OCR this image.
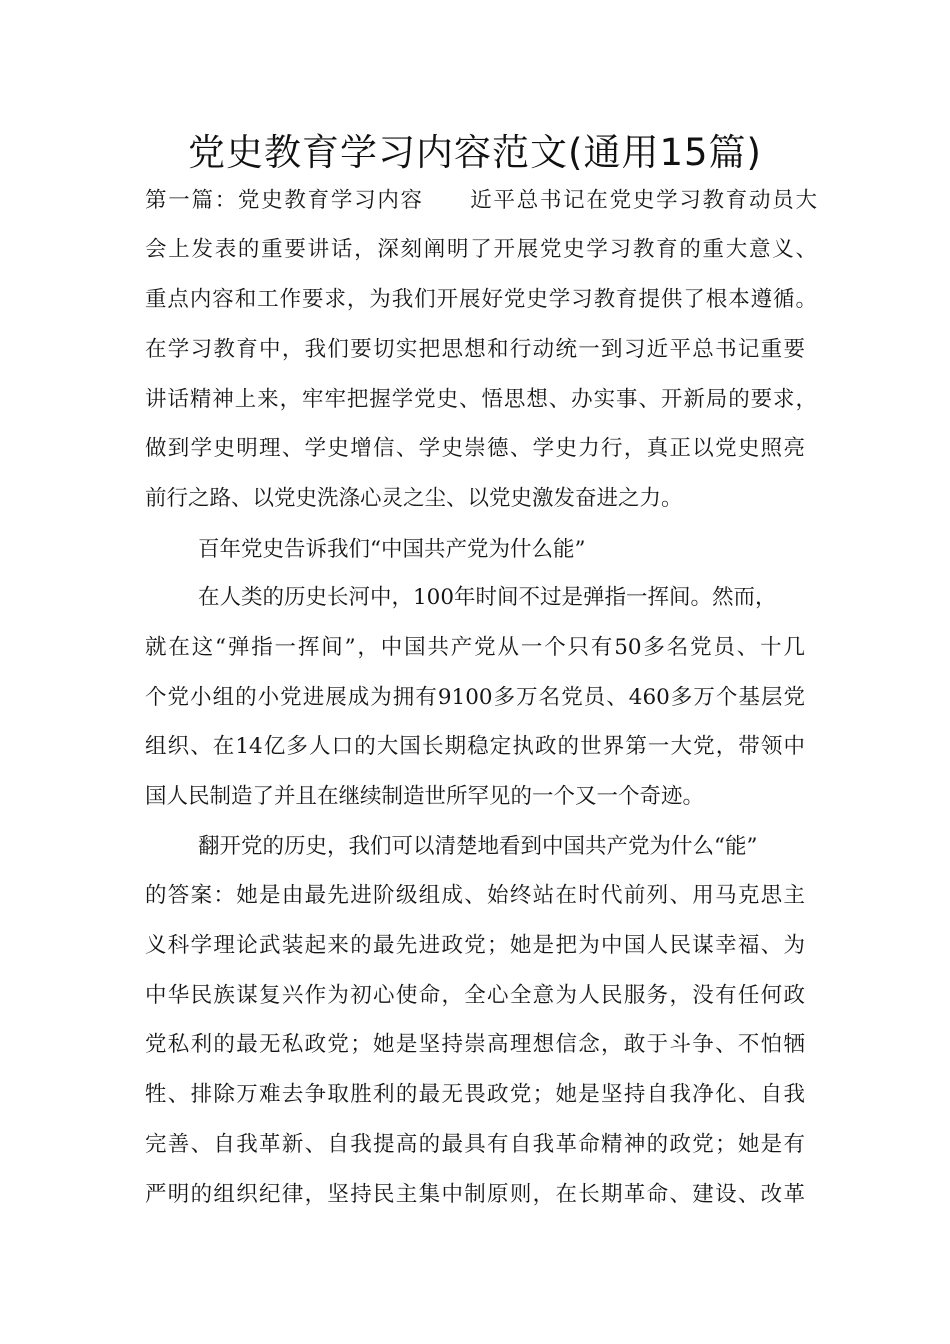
党史教育学习内容范文(通用15篇)
第一篇：党史教育学习内容　　近平总书记在党史学习教育动员大
会上发表的重要讲话，深刻阐明了开展党史学习教育的重大意义、
重点内容和工作要求，为我们开展好党史学习教育提供了根本遵循。
在学习教育中，我们要切实把思想和行动统一到习近平总书记重要
讲话精神上来，牢牢把握学党史、悟思想、办实事、开新局的要求，
做到学史明理、学史增信、学史崇德、学史力行，真正以党史照亮
前行之路、以党史洗涤心灵之尘、以党史激发奋进之力。
百年党史告诉我们“中国共产党为什么能”
在人类的历史长河中，100年时间不过是弹指一挥间。然而，
就在这“弹指一挥间”，中国共产党从一个只有50多名党员、十几
个党小组的小党进展成为拥有9100多万名党员、460多万个基层党
组织、在14亿多人口的大国长期稳定执政的世界第一大党，带领中
国人民制造了并且在继续制造世所罕见的一个又一个奇迹。
翻开党的历史，我们可以清楚地看到中国共产党为什么“能”
的答案：她是由最先进阶级组成、始终站在时代前列、用马克思主
义科学理论武装起来的最先进政党；她是把为中国人民谋幸福、为
中华民族谋复兴作为初心使命，全心全意为人民服务，没有任何政
党私利的最无私政党；她是坚持崇高理想信念，敢于斗争、不怕牺
牲、排除万难去争取胜利的最无畏政党；她是坚持自我净化、自我
完善、自我革新、自我提高的最具有自我革命精神的政党；她是有
严明的组织纪律，坚持民主集中制原则，在长期革命、建设、改革
